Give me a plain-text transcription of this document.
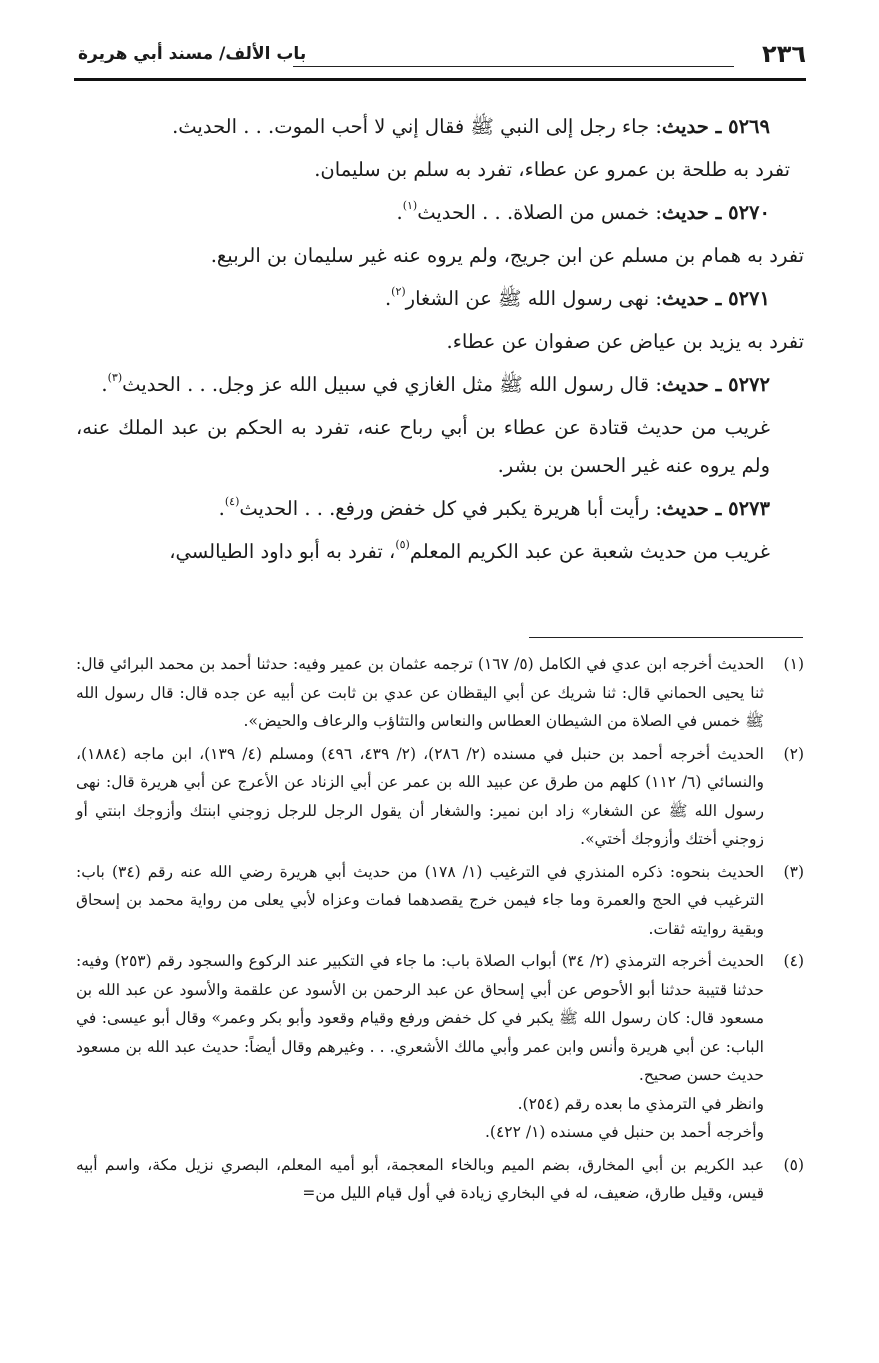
٢٣٦
باب الألف/ مسند أبي هريرة

٥٢٦٩ ـ حديث: جاء رجل إلى النبي ﷺ فقال إني لا أحب الموت. . . الحديث.

تفرد به طلحة بن عمرو عن عطاء، تفرد به سلم بن سليمان.

٥٢٧٠ ـ حديث: خمس من الصلاة. . . الحديث$^{(١)}$.

تفرد به همام بن مسلم عن ابن جريج، ولم يروه عنه غير سليمان بن الربيع.

٥٢٧١ ـ حديث: نهى رسول الله ﷺ عن الشغار$^{(٢)}$.

تفرد به يزيد بن عياض عن صفوان عن عطاء.

٥٢٧٢ ـ حديث: قال رسول الله ﷺ مثل الغازي في سبيل الله عز وجل. . . الحديث$^{(٣)}$.

غريب من حديث قتادة عن عطاء بن أبي رباح عنه، تفرد به الحكم بن عبد الملك عنه، ولم يروه عنه غير الحسن بن بشر.

٥٢٧٣ ـ حديث: رأيت أبا هريرة يكبر في كل خفض ورفع. . . الحديث$^{(٤)}$.

غريب من حديث شعبة عن عبد الكريم المعلم$^{(٥)}$، تفرد به أبو داود الطيالسي،

(١)
الحديث أخرجه ابن عدي في الكامل (٥/ ١٦٧) ترجمه عثمان بن عمير وفيه: حدثنا أحمد بن محمد البرائي قال: ثنا يحيى الحماني قال: ثنا شريك عن أبي اليقظان عن عدي بن ثابت عن أبيه عن جده قال: قال رسول الله ﷺ خمس في الصلاة من الشيطان العطاس والنعاس والتثاؤب والرعاف والحيض».
(٢)
الحديث أخرجه أحمد بن حنبل في مسنده (٢/ ٢٨٦)، (٢/ ٤٣٩، ٤٩٦) ومسلم (٤/ ١٣٩)، ابن ماجه (١٨٨٤)، والنسائي (٦/ ١١٢) كلهم من طرق عن عبيد الله بن عمر عن أبي الزناد عن الأعرج عن أبي هريرة قال: نهى رسول الله ﷺ عن الشغار» زاد ابن نمير: والشغار أن يقول الرجل للرجل زوجني ابنتك وأزوجك ابنتي أو زوجني أختك وأزوجك أختي».
(٣)
الحديث بنحوه: ذكره المنذري في الترغيب (١/ ١٧٨) من حديث أبي هريرة رضي الله عنه رقم (٣٤) باب: الترغيب في الحج والعمرة وما جاء فيمن خرج يقصدهما فمات وعزاه لأبي يعلى من رواية محمد بن إسحاق وبقية روايته ثقات.
(٤)
الحديث أخرجه الترمذي (٢/ ٣٤) أبواب الصلاة باب: ما جاء في التكبير عند الركوع والسجود رقم (٢٥٣) وفيه: حدثنا قتيبة حدثنا أبو الأحوص عن أبي إسحاق عن عبد الرحمن بن الأسود عن علقمة والأسود عن عبد الله بن مسعود قال: كان رسول الله ﷺ يكبر في كل خفض ورفع وقيام وقعود وأبو بكر وعمر» وقال أبو عيسى: في الباب: عن أبي هريرة وأنس وابن عمر وأبي مالك الأشعري. . . وغيرهم وقال أيضاً: حديث عبد الله بن مسعود حديث حسن صحيح.
وانظر في الترمذي ما بعده رقم (٢٥٤).
وأخرجه أحمد بن حنبل في مسنده (١/ ٤٢٢).
(٥)
عبد الكريم بن أبي المخارق، بضم الميم وبالخاء المعجمة، أبو أميه المعلم، البصري نزيل مكة، واسم أبيه قيس، وقيل طارق، ضعيف، له في البخاري زيادة في أول قيام الليل من=
